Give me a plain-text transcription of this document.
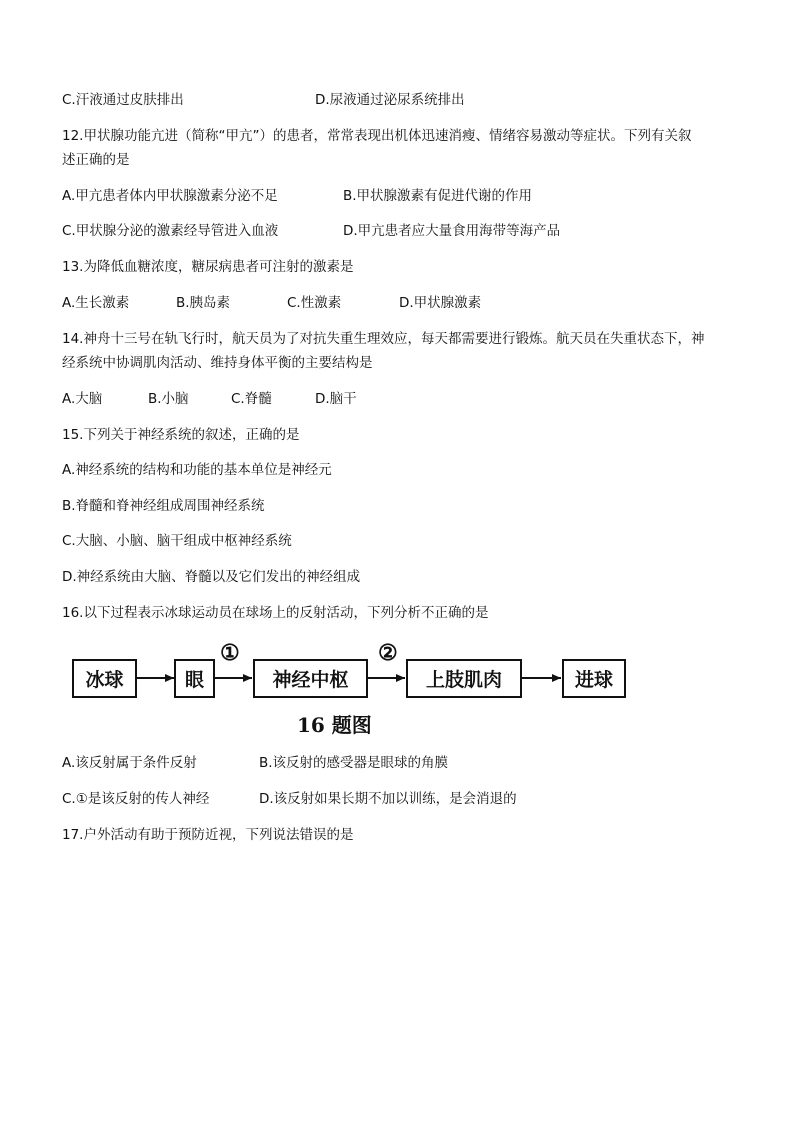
C.汗液通过皮肤排出	D.尿液通过泌尿系统排出
12.甲状腺功能亢进（简称“甲亢”）的患者，常常表现出机体迅速消瘦、情绪容易激动等症状。下列有关叙
述正确的是
A.甲亢患者体内甲状腺激素分泌不足	B.甲状腺激素有促进代谢的作用
C.甲状腺分泌的激素经导管进入血液	D.甲亢患者应大量食用海带等海产品
13.为降低血糖浓度，糖尿病患者可注射的激素是
A.生长激素	B.胰岛素	C.性激素	D.甲状腺激素
14.神舟十三号在轨飞行时，航天员为了对抗失重生理效应，每天都需要进行锻炼。航天员在失重状态下，神
经系统中协调肌肉活动、维持身体平衡的主要结构是
A.大脑	B.小脑	C.脊髓	D.脑干
15.下列关于神经系统的叙述，正确的是
A.神经系统的结构和功能的基本单位是神经元
B.脊髓和脊神经组成周围神经系统
C.大脑、小脑、脑干组成中枢神经系统
D.神经系统由大脑、脊髓以及它们发出的神经组成
16.以下过程表示冰球运动员在球场上的反射活动，下列分析不正确的是
冰球	眼
①
神经中枢
②
上肢肌肉	进球
16 题图
A.该反射属于条件反射	B.该反射的感受器是眼球的角膜
C.①是该反射的传人神经	D.该反射如果长期不加以训练，是会消退的
17.户外活动有助于预防近视，下列说法错误的是
